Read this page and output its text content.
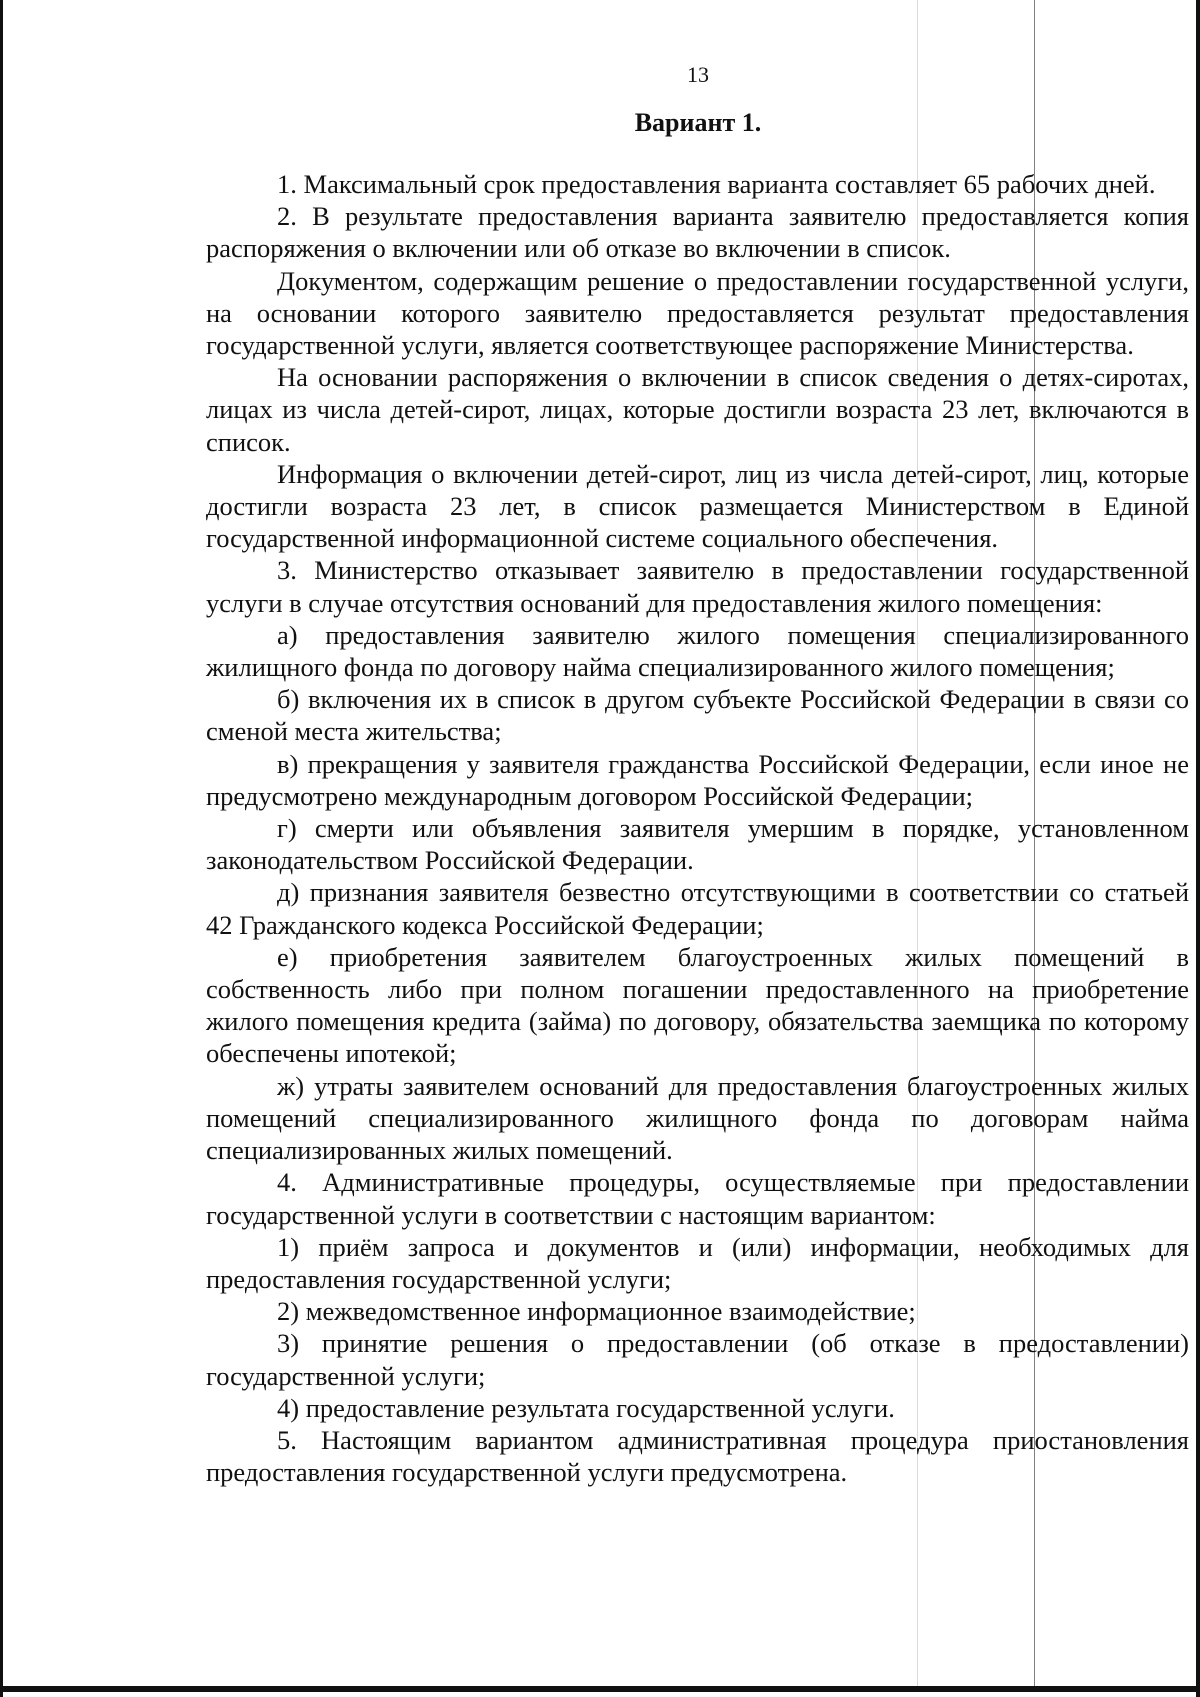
13
Вариант 1.

1. Максимальный срок предоставления варианта составляет 65 рабочих дней.

2. В результате предоставления варианта заявителю предоставляется копия распоряжения о включении или об отказе во включении в список.

Документом, содержащим решение о предоставлении государственной услуги, на основании которого заявителю предоставляется результат предоставления государственной услуги, является соответствующее распоряжение Министерства.

На основании распоряжения о включении в список сведения о детях-сиротах, лицах из числа детей-сирот, лицах, которые достигли возраста 23 лет, включаются в список.

Информация о включении детей-сирот, лиц из числа детей-сирот, лиц, которые достигли возраста 23 лет, в список размещается Министерством в Единой государственной информационной системе социального обеспечения.

3. Министерство отказывает заявителю в предоставлении государственной услуги в случае отсутствия оснований для предоставления жилого помещения:

а) предоставления заявителю жилого помещения специализированного жилищного фонда по договору найма специализированного жилого помещения;

б) включения их в список в другом субъекте Российской Федерации в связи со сменой места жительства;

в) прекращения у заявителя гражданства Российской Федерации, если иное не предусмотрено международным договором Российской Федерации;

г) смерти или объявления заявителя умершим в порядке, установленном законодательством Российской Федерации.

д) признания заявителя безвестно отсутствующими в соответствии со статьей 42 Гражданского кодекса Российской Федерации;

е) приобретения заявителем благоустроенных жилых помещений в собственность либо при полном погашении предоставленного на приобретение жилого помещения кредита (займа) по договору, обязательства заемщика по которому обеспечены ипотекой;

ж) утраты заявителем оснований для предоставления благоустроенных жилых помещений специализированного жилищного фонда по договорам найма специализированных жилых помещений.

4. Административные процедуры, осуществляемые при предоставлении государственной услуги в соответствии с настоящим вариантом:

1) приём запроса и документов и (или) информации, необходимых для предоставления государственной услуги;

2) межведомственное информационное взаимодействие;

3) принятие решения о предоставлении (об отказе в предоставлении) государственной услуги;

4) предоставление результата государственной услуги.

5. Настоящим вариантом административная процедура приостановления предоставления государственной услуги предусмотрена.
